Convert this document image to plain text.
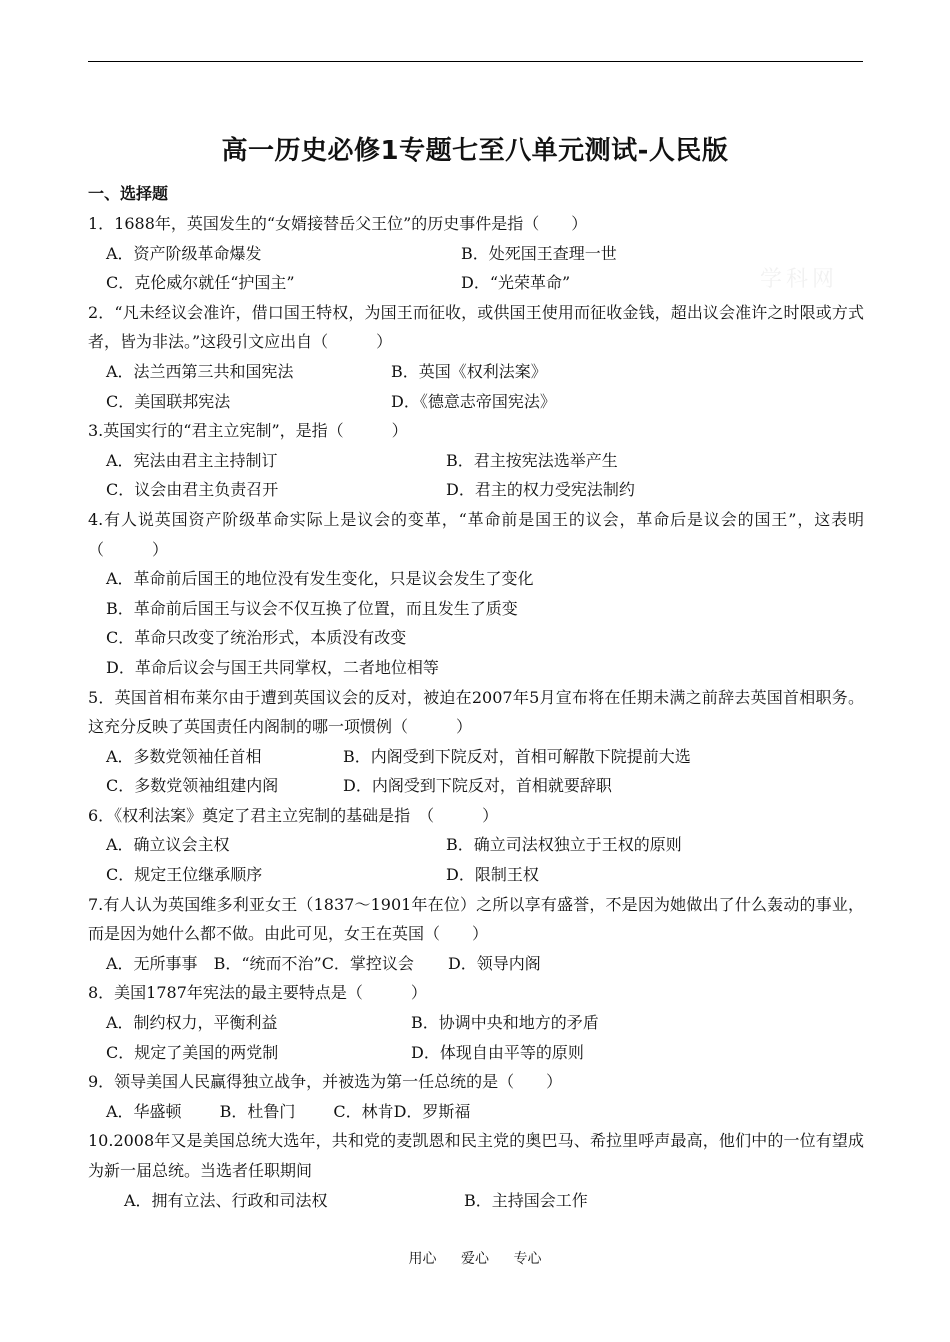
学科网
高一历史必修1专题七至八单元测试-人民版
一、选择题
1．1688年，英国发生的“女婿接替岳父王位”的历史事件是指（　　）
A．资产阶级革命爆发	B．处死国王查理一世
C．克伦威尔就任“护国主”	D．“光荣革命”
2．“凡未经议会准许，借口国王特权，为国王而征收，或供国王使用而征收金钱，超出议会准许之时限或方式者，皆为非法。”这段引文应出自（　　　）
A．法兰西第三共和国宪法	B．英国《权利法案》
C．美国联邦宪法	D．《德意志帝国宪法》
3.英国实行的“君主立宪制”，是指（　　　）
A．宪法由君主主持制订	B．君主按宪法选举产生
C．议会由君主负责召开	D．君主的权力受宪法制约
4.有人说英国资产阶级革命实际上是议会的变革，“革命前是国王的议会，革命后是议会的国王”，这表明　　　（　　　）
A．革命前后国王的地位没有发生变化，只是议会发生了变化
B．革命前后国王与议会不仅互换了位置，而且发生了质变
C．革命只改变了统治形式，本质没有改变
D．革命后议会与国王共同掌权，二者地位相等
5．英国首相布莱尔由于遭到英国议会的反对，被迫在2007年5月宣布将在任期未满之前辞去英国首相职务。这充分反映了英国责任内阁制的哪一项惯例（　　　）
A．多数党领袖任首相	B．内阁受到下院反对，首相可解散下院提前大选
C．多数党领袖组建内阁	D．内阁受到下院反对，首相就要辞职
6．《权利法案》奠定了君主立宪制的基础是指　（　　　）
A．确立议会主权	B．确立司法权独立于王权的原则
C．规定王位继承顺序	D．限制王权
7.有人认为英国维多利亚女王（1837～1901年在位）之所以享有盛誉，不是因为她做出了什么轰动的事业，而是因为她什么都不做。由此可见，女王在英国（　　）
A．无所事事 B．“统而不治” C．掌控议会 D．领导内阁
8．美国1787年宪法的最主要特点是（　　　）
A．制约权力，平衡利益	B．协调中央和地方的矛盾
C．规定了美国的两党制	D．体现自由平等的原则
9．领导美国人民赢得独立战争，并被选为第一任总统的是（　　）
A．华盛顿 B．杜鲁门 C．林肯 D．罗斯福
10.2008年又是美国总统大选年，共和党的麦凯恩和民主党的奥巴马、希拉里呼声最高，他们中的一位有望成为新一届总统。当选者任职期间
A．拥有立法、行政和司法权	B．主持国会工作
用心 爱心 专心
